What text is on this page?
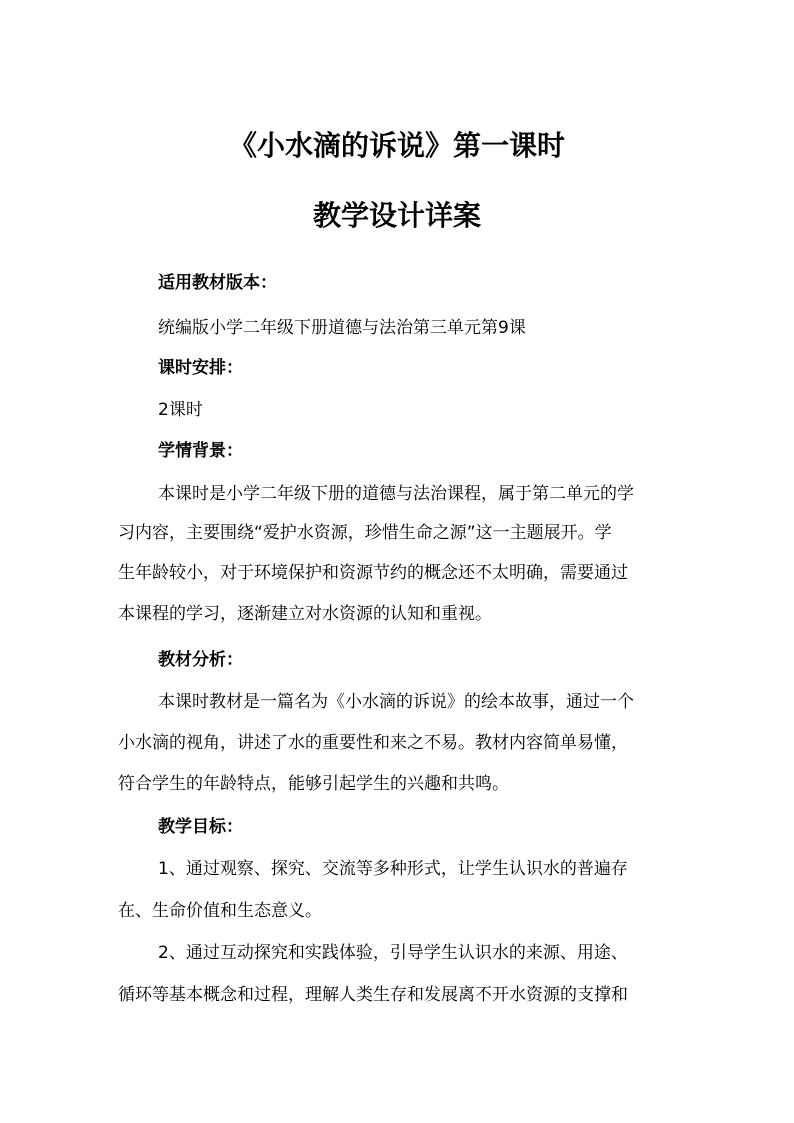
《小水滴的诉说》第一课时
教学设计详案
适用教材版本：
统编版小学二年级下册道德与法治第三单元第9课
课时安排：
2课时
学情背景：
本课时是小学二年级下册的道德与法治课程，属于第二单元的学
习内容，主要围绕“爱护水资源，珍惜生命之源”这一主题展开。学
生年龄较小，对于环境保护和资源节约的概念还不太明确，需要通过
本课程的学习，逐渐建立对水资源的认知和重视。
教材分析：
本课时教材是一篇名为《小水滴的诉说》的绘本故事，通过一个
小水滴的视角，讲述了水的重要性和来之不易。教材内容简单易懂，
符合学生的年龄特点，能够引起学生的兴趣和共鸣。
教学目标：
1、通过观察、探究、交流等多种形式，让学生认识水的普遍存
在、生命价值和生态意义。
2、通过互动探究和实践体验，引导学生认识水的来源、用途、
循环等基本概念和过程，理解人类生存和发展离不开水资源的支撑和
